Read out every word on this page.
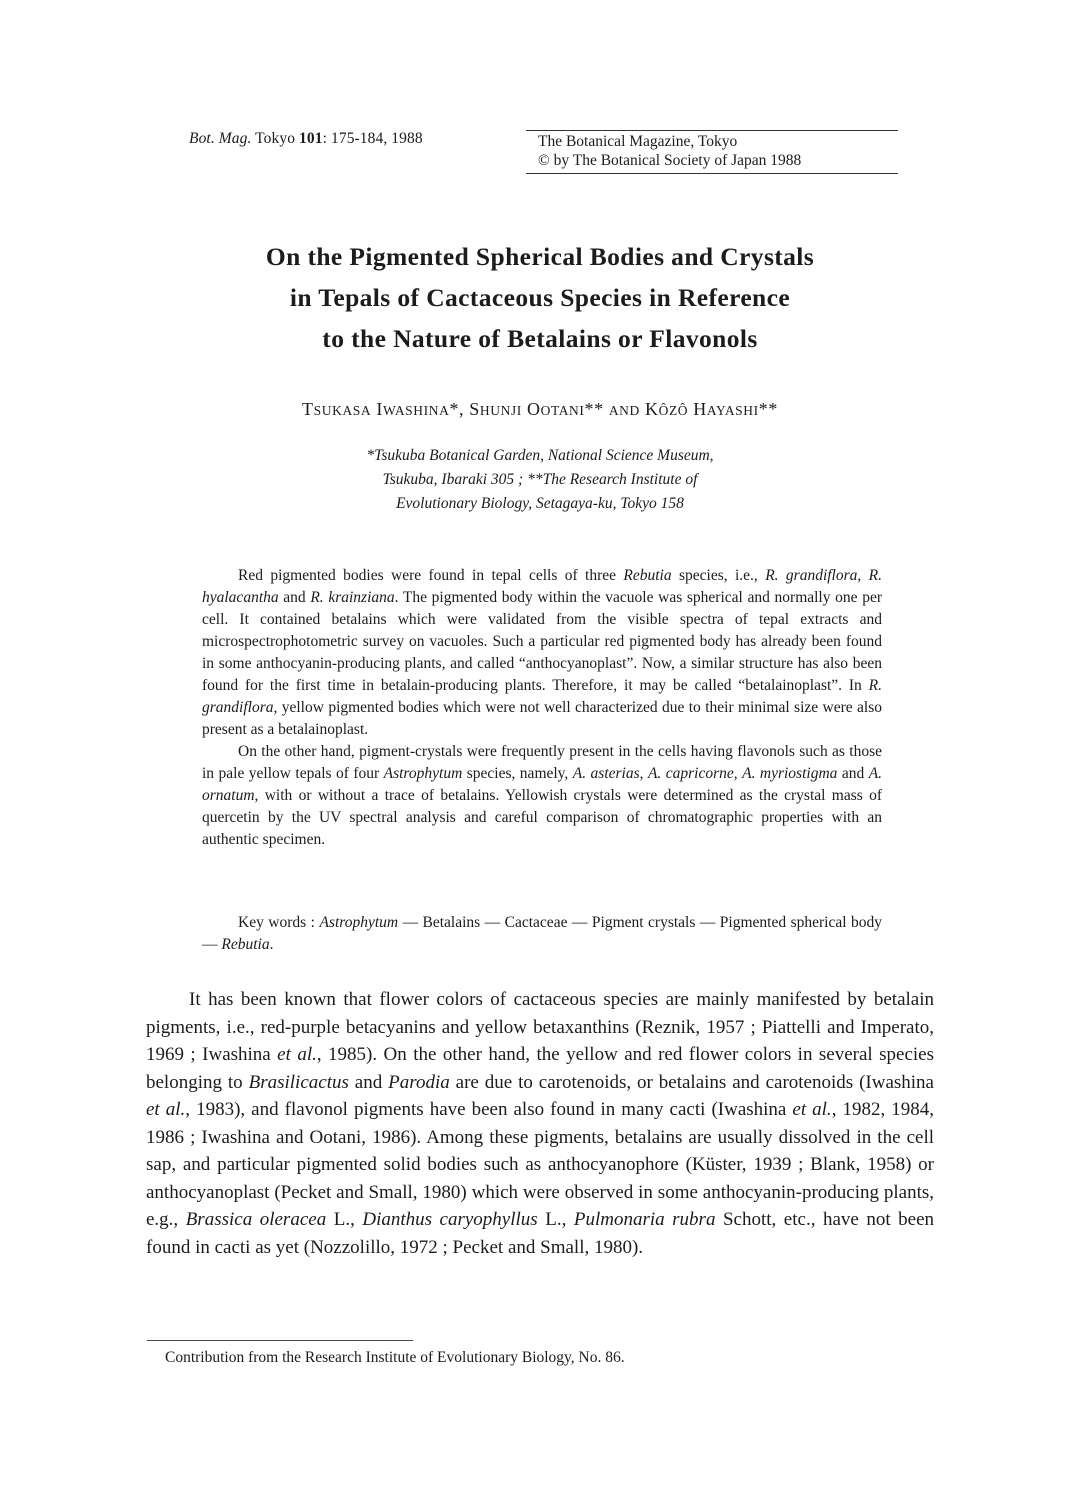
Bot. Mag. Tokyo 101: 175-184, 1988	The Botanical Magazine, Tokyo
© by The Botanical Society of Japan 1988
On the Pigmented Spherical Bodies and Crystals
in Tepals of Cactaceous Species in Reference
to the Nature of Betalains or Flavonols
TSUKASA IWASHINA*, SHUNJI OOTANI** AND KÔZÔ HAYASHI**
*Tsukuba Botanical Garden, National Science Museum,
Tsukuba, Ibaraki 305 ; **The Research Institute of
Evolutionary Biology, Setagaya-ku, Tokyo 158

Red pigmented bodies were found in tepal cells of three Rebutia species, i.e., R. grandiflora, R. hyalacantha and R. krainziana. The pigmented body within the vacuole was spherical and normally one per cell. It contained betalains which were validated from the visible spectra of tepal extracts and microspectrophotometric survey on vacuoles. Such a particular red pigmented body has already been found in some anthocyanin-producing plants, and called “anthocyanoplast”. Now, a similar structure has also been found for the first time in betalain-producing plants. Therefore, it may be called “betalainoplast”. In R. grandiflora, yellow pigmented bodies which were not well characterized due to their minimal size were also present as a betalainoplast.

On the other hand, pigment-crystals were frequently present in the cells having flavonols such as those in pale yellow tepals of four Astrophytum species, namely, A. asterias, A. capricorne, A. myriostigma and A. ornatum, with or without a trace of betalains. Yellowish crystals were determined as the crystal mass of quercetin by the UV spectral analysis and careful comparison of chromatographic properties with an authentic specimen.

Key words : Astrophytum — Betalains — Cactaceae — Pigment crystals — Pigmented spherical body — Rebutia.

It has been known that flower colors of cactaceous species are mainly manifested by betalain pigments, i.e., red-purple betacyanins and yellow betaxanthins (Reznik, 1957 ; Piattelli and Imperato, 1969 ; Iwashina et al., 1985). On the other hand, the yellow and red flower colors in several species belonging to Brasilicactus and Parodia are due to carotenoids, or betalains and carotenoids (Iwashina et al., 1983), and flavonol pigments have been also found in many cacti (Iwashina et al., 1982, 1984, 1986 ; Iwashina and Ootani, 1986). Among these pigments, betalains are usually dissolved in the cell sap, and particular pigmented solid bodies such as anthocyanophore (Küster, 1939 ; Blank, 1958) or anthocyanoplast (Pecket and Small, 1980) which were observed in some anthocyanin-producing plants, e.g., Brassica oleracea L., Dianthus caryophyllus L., Pulmonaria rubra Schott, etc., have not been found in cacti as yet (Nozzolillo, 1972 ; Pecket and Small, 1980).

Contribution from the Research Institute of Evolutionary Biology, No. 86.
